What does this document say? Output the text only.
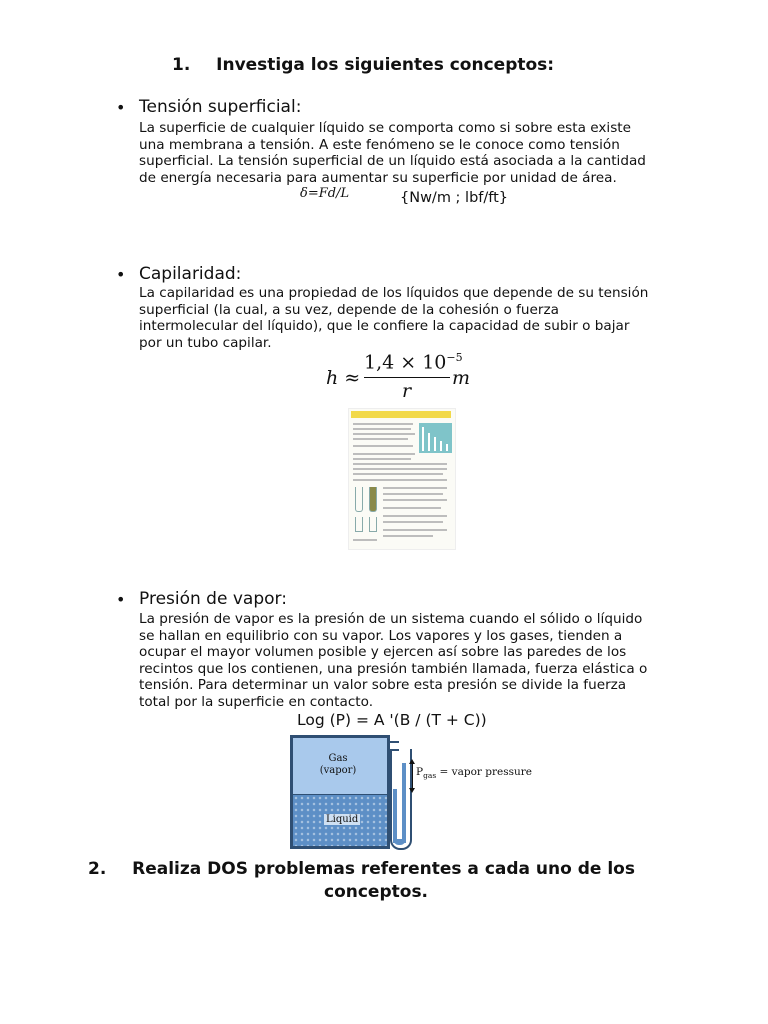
1. Investiga los siguientes conceptos:
• Tensión superficial:
La superficie de cualquier líquido se comporta como si sobre esta existe
una membrana a tensión. A este fenómeno se le conoce como tensión
superficial. La tensión superficial de un líquido está asociada a la cantidad
de energía necesaria para aumentar su superficie por unidad de área.
δ=Fd/L	{Nw/m ; lbf/ft}
• Capilaridad:
La capilaridad es una propiedad de los líquidos que depende de su tensión
superficial (la cual, a su vez, depende de la cohesión o fuerza
intermolecular del líquido), que le confiere la capacidad de subir o bajar
por un tubo capilar.
h ≈
$1,4 \times 10^{-5}$
r
m
• Presión de vapor:
La presión de vapor es la presión de un sistema cuando el sólido o líquido
se hallan en equilibrio con su vapor. Los vapores y los gases, tienden a
ocupar el mayor volumen posible y ejercen así sobre las paredes de los
recintos que los contienen, una presión también llamada, fuerza elástica o
tensión. Para determinar un valor sobre esta presión se divide la fuerza
total por la superficie en contacto.
Log (P) = A '(B / (T + C))
Gas
(vapor)
Liquid
$P_{gas}$ = vapor pressure
2. Realiza DOS problemas referentes a cada uno de los
conceptos.
